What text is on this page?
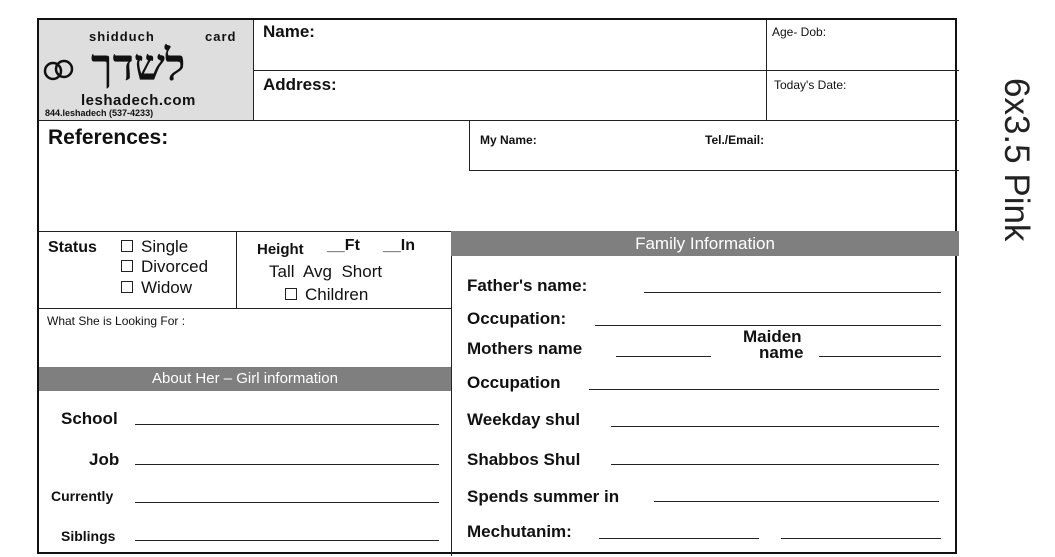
shidduch	card
לשדך
leshadech.com
844.leshadech (537-4233)
Name:	Age- Dob:
Address:	Today's Date:
References:	My Name:	Tel./Email:
Status	Single
Divorced
Widow
Height __Ft __In
Tall  Avg  Short
Children
What She is Looking For :
About Her – Girl information
School
Job
Currently
Siblings
Family Information
Father's name:
Occupation:
Mothers name
Maiden
name
Occupation
Weekday shul
Shabbos Shul
Spends summer in
Mechutanim:
6x3.5 Pink
